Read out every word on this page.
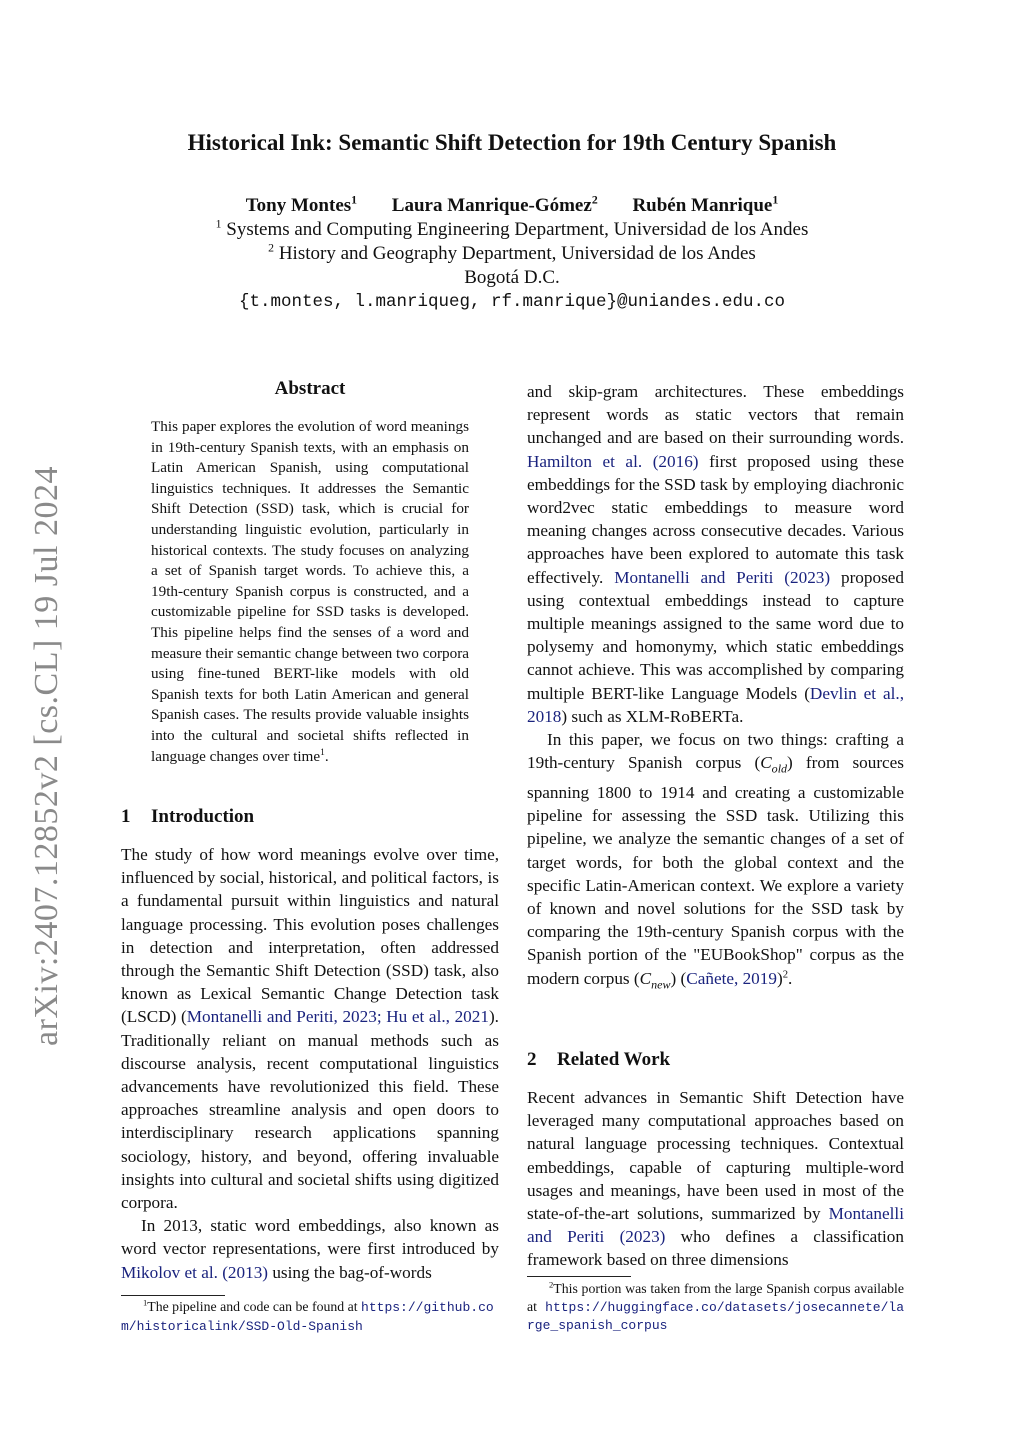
arXiv:2407.12852v2 [cs.CL] 19 Jul 2024
Historical Ink: Semantic Shift Detection for 19th Century Spanish
Tony Montes$^1$ Laura Manrique-Gómez$^2$ Rubén Manrique$^1$
$^1$ Systems and Computing Engineering Department, Universidad de los Andes
$^2$ History and Geography Department, Universidad de los Andes
Bogotá D.C.
{t.montes, l.manriqueg, rf.manrique}@uniandes.edu.co
Abstract
This paper explores the evolution of word meanings in 19th-century Spanish texts, with an emphasis on Latin American Spanish, using computational linguistics techniques. It addresses the Semantic Shift Detection (SSD) task, which is crucial for understanding linguistic evolution, particularly in historical contexts. The study focuses on analyzing a set of Spanish target words. To achieve this, a 19th-century Spanish corpus is constructed, and a customizable pipeline for SSD tasks is developed. This pipeline helps find the senses of a word and measure their semantic change between two corpora using fine-tuned BERT-like models with old Spanish texts for both Latin American and general Spanish cases. The results provide valuable insights into the cultural and societal shifts reflected in language changes over time$^1$.
1 Introduction

The study of how word meanings evolve over time, influenced by social, historical, and political factors, is a fundamental pursuit within linguistics and natural language processing. This evolution poses challenges in detection and interpretation, often addressed through the Semantic Shift Detection (SSD) task, also known as Lexical Semantic Change Detection task (LSCD) (Montanelli and Periti, 2023; Hu et al., 2021). Traditionally reliant on manual methods such as discourse analysis, recent computational linguistics advancements have revolutionized this field. These approaches streamline analysis and open doors to interdisciplinary research applications spanning sociology, history, and beyond, offering invaluable insights into cultural and societal shifts using digitized corpora.

In 2013, static word embeddings, also known as word vector representations, were first introduced by Mikolov et al. (2013) using the bag-of-words

$^1$The pipeline and code can be found at https://github.com/historicalink/SSD-Old-Spanish

and skip-gram architectures. These embeddings represent words as static vectors that remain unchanged and are based on their surrounding words. Hamilton et al. (2016) first proposed using these embeddings for the SSD task by employing diachronic word2vec static embeddings to measure word meaning changes across consecutive decades. Various approaches have been explored to automate this task effectively. Montanelli and Periti (2023) proposed using contextual embeddings instead to capture multiple meanings assigned to the same word due to polysemy and homonymy, which static embeddings cannot achieve. This was accomplished by comparing multiple BERT-like Language Models (Devlin et al., 2018) such as XLM-RoBERTa.

In this paper, we focus on two things: crafting a 19th-century Spanish corpus $(C_{old})$ from sources spanning 1800 to 1914 and creating a customizable pipeline for assessing the SSD task. Utilizing this pipeline, we analyze the semantic changes of a set of target words, for both the global context and the specific Latin-American context. We explore a variety of known and novel solutions for the SSD task by comparing the 19th-century Spanish corpus with the Spanish portion of the "EUBookShop" corpus as the modern corpus $(C_{new})$ (Cañete, 2019)$^2$.

2 Related Work

Recent advances in Semantic Shift Detection have leveraged many computational approaches based on natural language processing techniques. Contextual embeddings, capable of capturing multiple-word usages and meanings, have been used in most of the state-of-the-art solutions, summarized by Montanelli and Periti (2023) who defines a classification framework based on three dimensions

$^2$This portion was taken from the large Spanish corpus available at https://huggingface.co/datasets/josecannete/large_spanish_corpus
